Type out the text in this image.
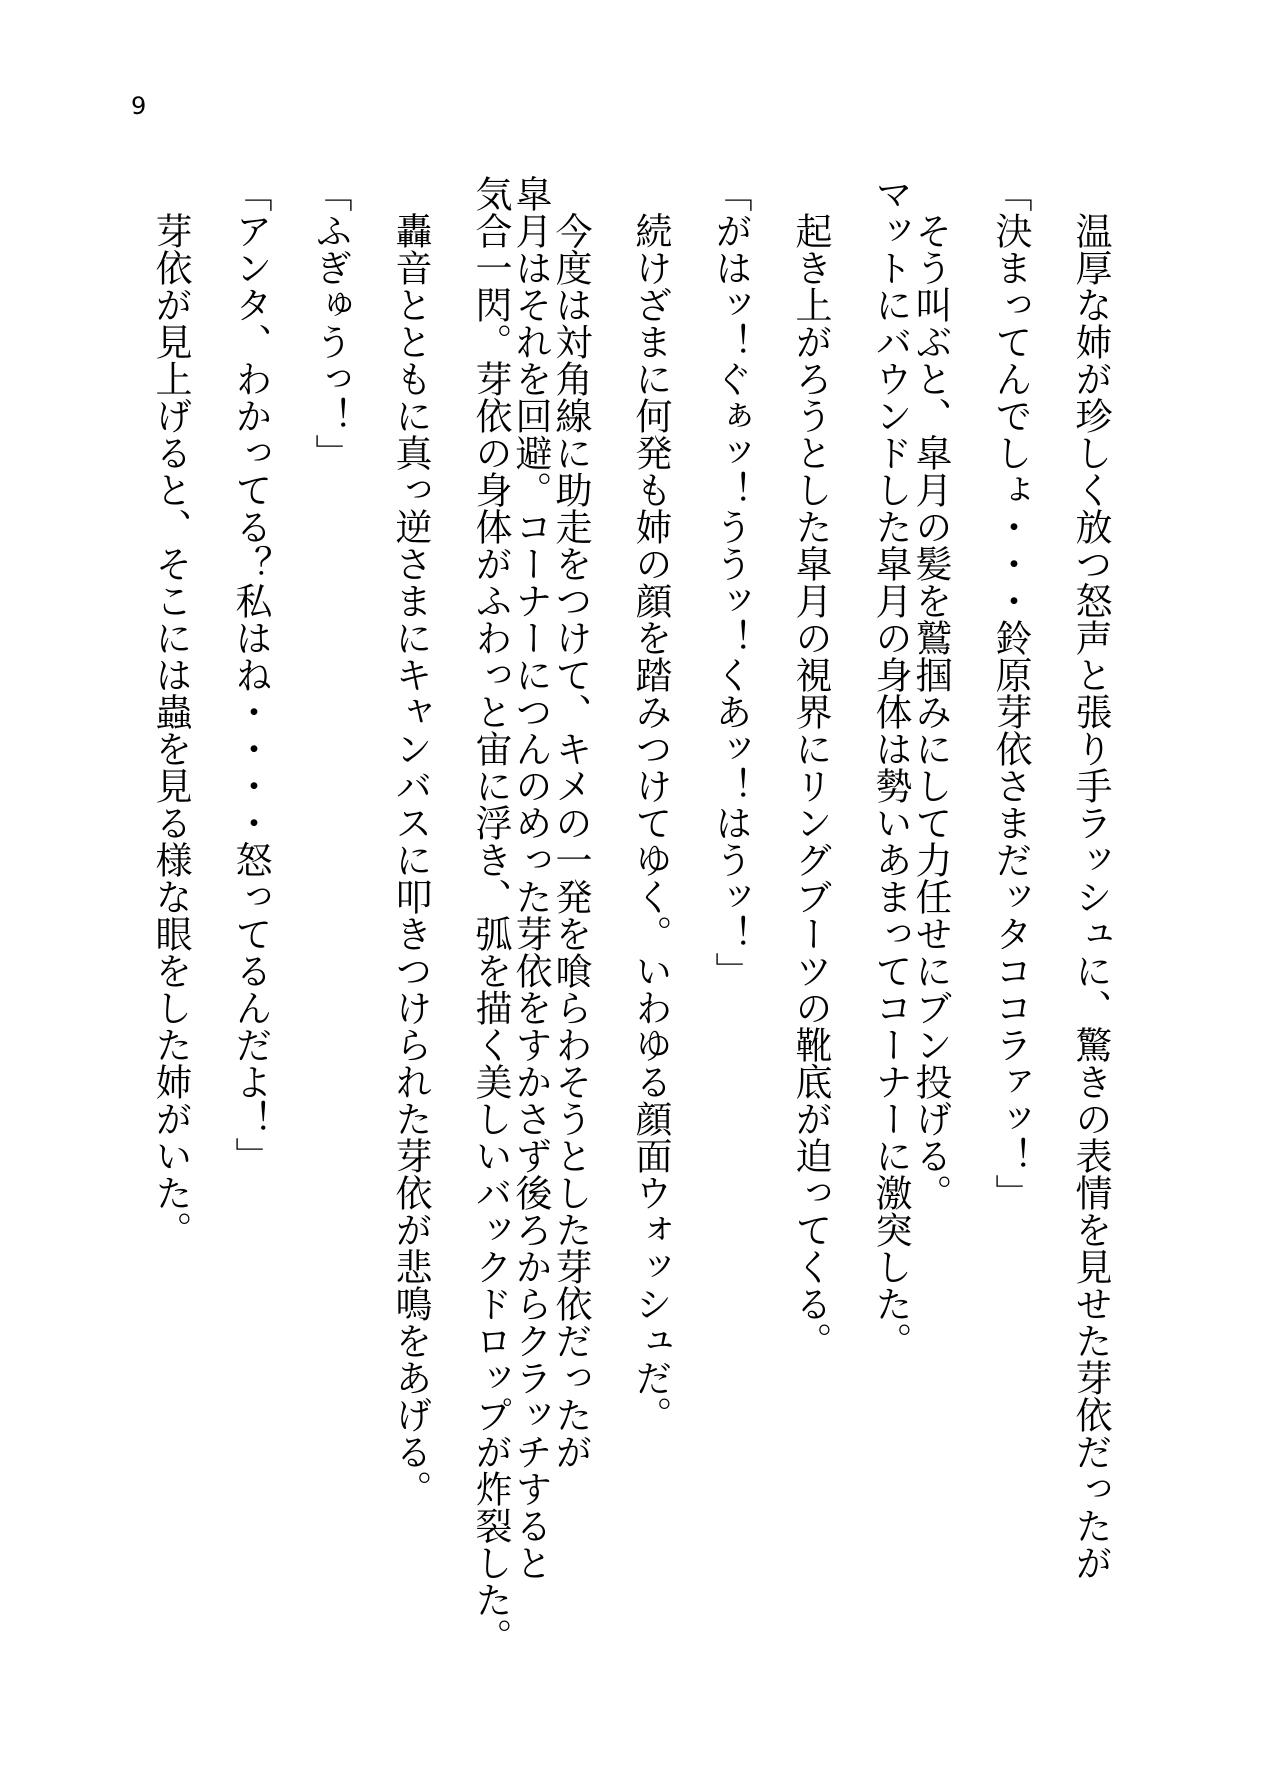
9
温厚な姉が珍しく放つ怒声と張り手ラッシュに、驚きの表情を見せた芽依だったが
「決まってんでしょ・・・鈴原芽依さまだッタココラァッ！」
そう叫ぶと、皐月の髪を鷲掴みにして力任せにブン投げる。
マットにバウンドした皐月の身体は勢いあまってコーナーに激突した。
起き上がろうとした皐月の視界にリングブーツの靴底が迫ってくる。
「がはッ！ぐぁッ！ううッ！くあッ！はうッ！」
続けざまに何発も姉の顔を踏みつけてゆく。いわゆる顔面ウォッシュだ。
今度は対角線に助走をつけて、キメの一発を喰らわそうとした芽依だったが
皐月はそれを回避。コーナーにつんのめった芽依をすかさず後ろからクラッチすると
気合一閃。芽依の身体がふわっと宙に浮き、弧を描く美しいバックドロップが炸裂した。
轟音とともに真っ逆さまにキャンバスに叩きつけられた芽依が悲鳴をあげる。
「ふぎゅうっ！」
「アンタ、わかってる？私はね・・・・怒ってるんだよ！」
芽依が見上げると、そこには蟲を見る様な眼をした姉がいた。
